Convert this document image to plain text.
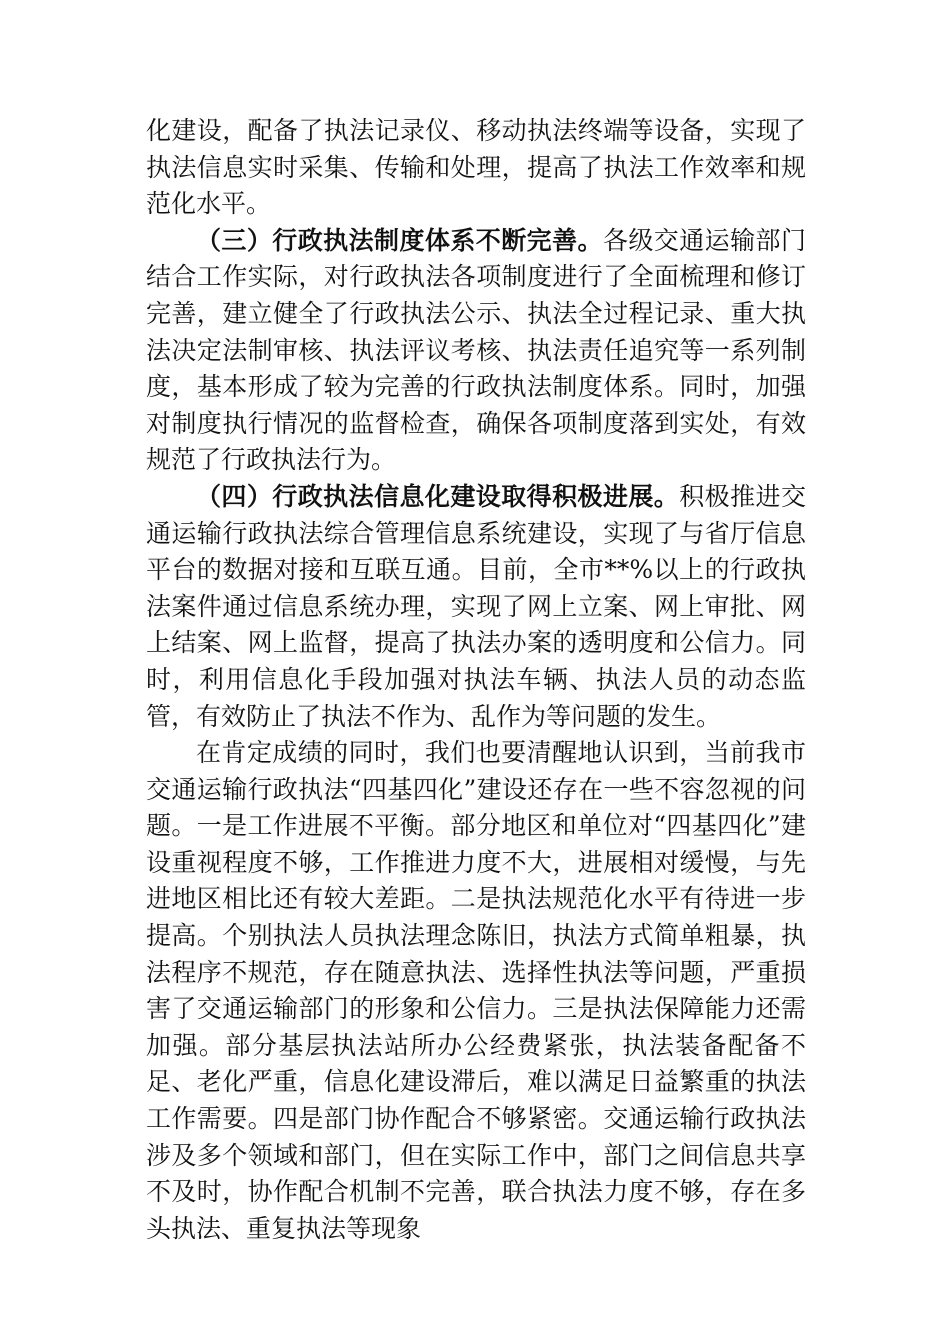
化建设，配备了执法记录仪、移动执法终端等设备，实现了执法信息实时采集、传输和处理，提高了执法工作效率和规范化水平。

（三）行政执法制度体系不断完善。各级交通运输部门结合工作实际，对行政执法各项制度进行了全面梳理和修订完善，建立健全了行政执法公示、执法全过程记录、重大执法决定法制审核、执法评议考核、执法责任追究等一系列制度，基本形成了较为完善的行政执法制度体系。同时，加强对制度执行情况的监督检查，确保各项制度落到实处，有效规范了行政执法行为。

（四）行政执法信息化建设取得积极进展。积极推进交通运输行政执法综合管理信息系统建设，实现了与省厅信息平台的数据对接和互联互通。目前，全市**%以上的行政执法案件通过信息系统办理，实现了网上立案、网上审批、网上结案、网上监督，提高了执法办案的透明度和公信力。同时，利用信息化手段加强对执法车辆、执法人员的动态监管，有效防止了执法不作为、乱作为等问题的发生。

在肯定成绩的同时，我们也要清醒地认识到，当前我市交通运输行政执法“四基四化”建设还存在一些不容忽视的问题。一是工作进展不平衡。部分地区和单位对“四基四化”建设重视程度不够，工作推进力度不大，进展相对缓慢，与先进地区相比还有较大差距。二是执法规范化水平有待进一步提高。个别执法人员执法理念陈旧，执法方式简单粗暴，执法程序不规范，存在随意执法、选择性执法等问题，严重损害了交通运输部门的形象和公信力。三是执法保障能力还需加强。部分基层执法站所办公经费紧张，执法装备配备不足、老化严重，信息化建设滞后，难以满足日益繁重的执法工作需要。四是部门协作配合不够紧密。交通运输行政执法涉及多个领域和部门，但在实际工作中，部门之间信息共享不及时，协作配合机制不完善，联合执法力度不够，存在多头执法、重复执法等现象
